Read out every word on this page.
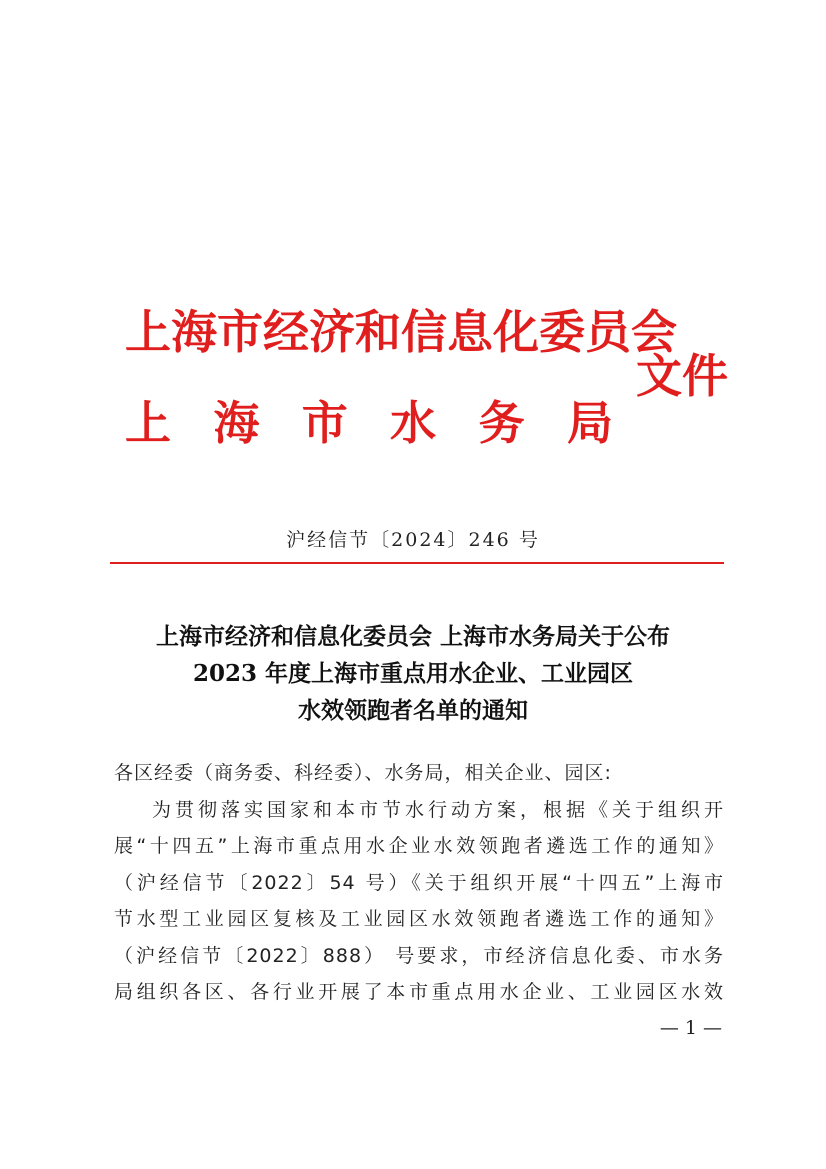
上海市经济和信息化委员会
上 海 市 水 务 局
文件
沪经信节〔2024〕246 号
上海市经济和信息化委员会 上海市水务局关于公布
2023 年度上海市重点用水企业、工业园区
水效领跑者名单的通知
各区经委（商务委、科经委）、水务局，相关企业、园区:
为贯彻落实国家和本市节水行动方案，根据《关于组织开
展“十四五”上海市重点用水企业水效领跑者遴选工作的通知》
（沪经信节〔2022〕54 号）《关于组织开展“十四五”上海市
节水型工业园区复核及工业园区水效领跑者遴选工作的通知》
（沪经信节〔2022〕888） 号要求，市经济信息化委、市水务
局组织各区、各行业开展了本市重点用水企业、工业园区水效
— 1 —
